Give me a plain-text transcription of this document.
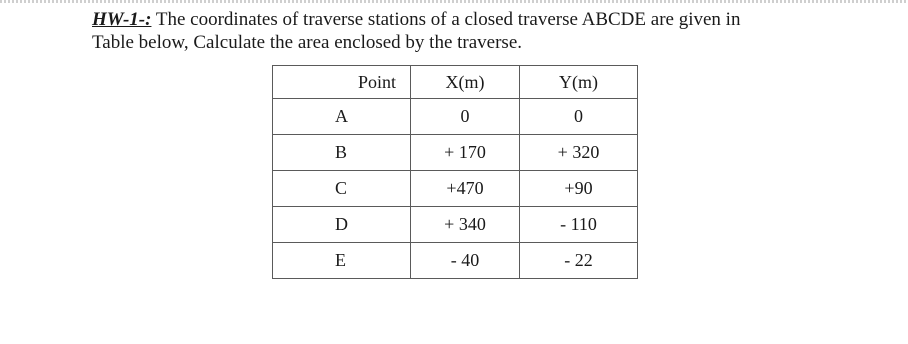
HW-1-: The coordinates of traverse stations of a closed traverse ABCDE are given in
Table below, Calculate the area enclosed by the traverse.
Point	X(m)	Y(m)
A	0	0
B	+ 170	+ 320
C	+470	+90
D	+ 340	- 110
E	- 40	- 22
